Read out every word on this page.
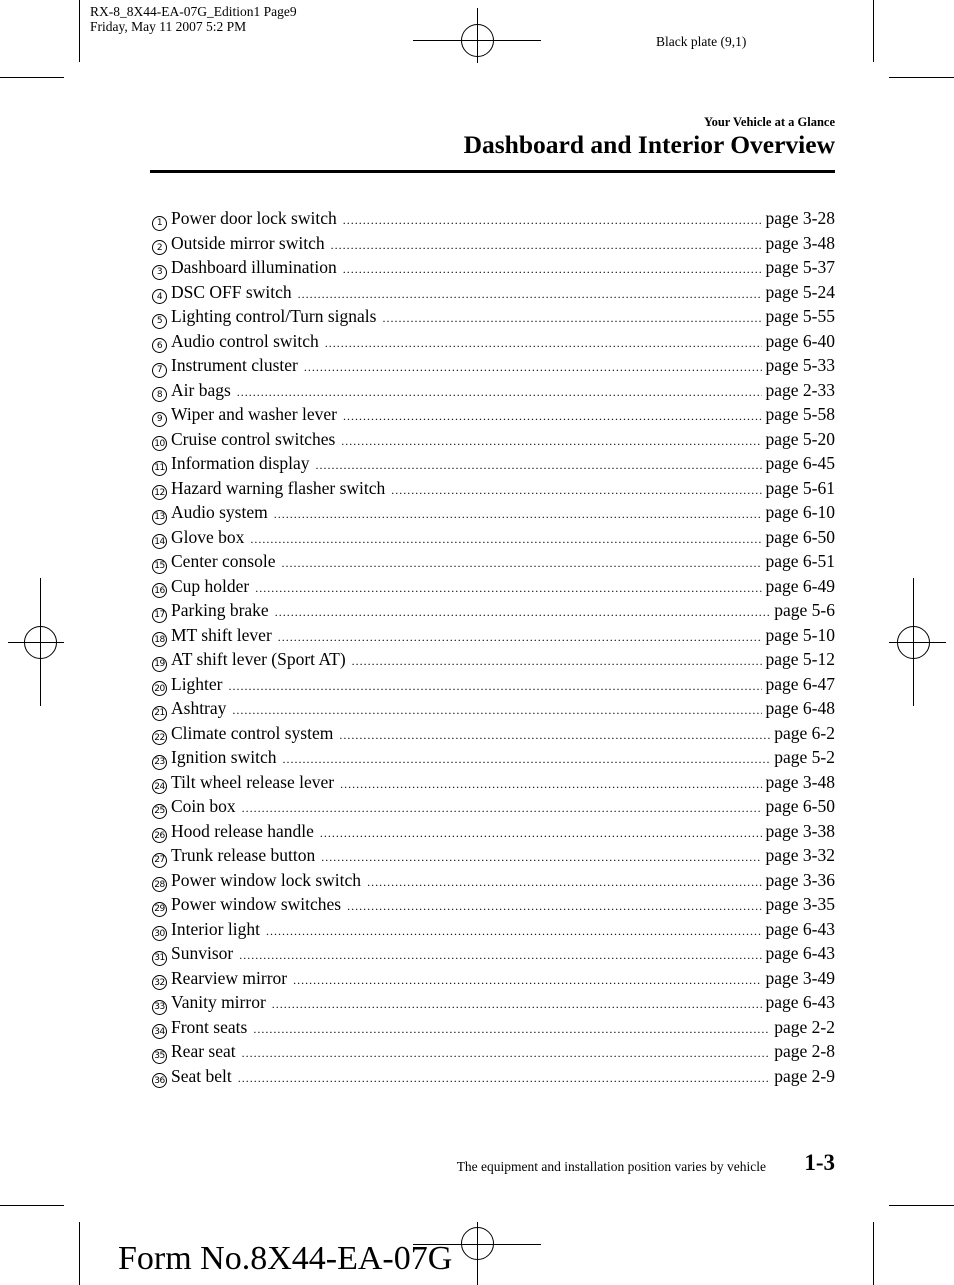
RX-8_8X44-EA-07G_Edition1 Page9
Friday, May 11 2007 5:2 PM
Black plate (9,1)
Your Vehicle at a Glance
Dashboard and Interior Overview
1 Power door lock switch .....	page 3-28
2 Outside mirror switch .....	page 3-48
3 Dashboard illumination .....	page 5-37
4 DSC OFF switch .....	page 5-24
5 Lighting control/Turn signals .....	page 5-55
6 Audio control switch .....	page 6-40
7 Instrument cluster .....	page 5-33
8 Air bags .....	page 2-33
9 Wiper and washer lever .....	page 5-58
10 Cruise control switches .....	page 5-20
11 Information display .....	page 6-45
12 Hazard warning flasher switch .....	page 5-61
13 Audio system .....	page 6-10
14 Glove box .....	page 6-50
15 Center console .....	page 6-51
16 Cup holder .....	page 6-49
17 Parking brake .....	page 5-6
18 MT shift lever .....	page 5-10
19 AT shift lever (Sport AT) .....	page 5-12
20 Lighter .....	page 6-47
21 Ashtray .....	page 6-48
22 Climate control system .....	page 6-2
23 Ignition switch .....	page 5-2
24 Tilt wheel release lever .....	page 3-48
25 Coin box .....	page 6-50
26 Hood release handle .....	page 3-38
27 Trunk release button .....	page 3-32
28 Power window lock switch .....	page 3-36
29 Power window switches .....	page 3-35
30 Interior light .....	page 6-43
31 Sunvisor .....	page 6-43
32 Rearview mirror .....	page 3-49
33 Vanity mirror .....	page 6-43
34 Front seats .....	page 2-2
35 Rear seat .....	page 2-8
36 Seat belt .....	page 2-9
The equipment and installation position varies by vehicle 1-3
Form No.8X44-EA-07G
